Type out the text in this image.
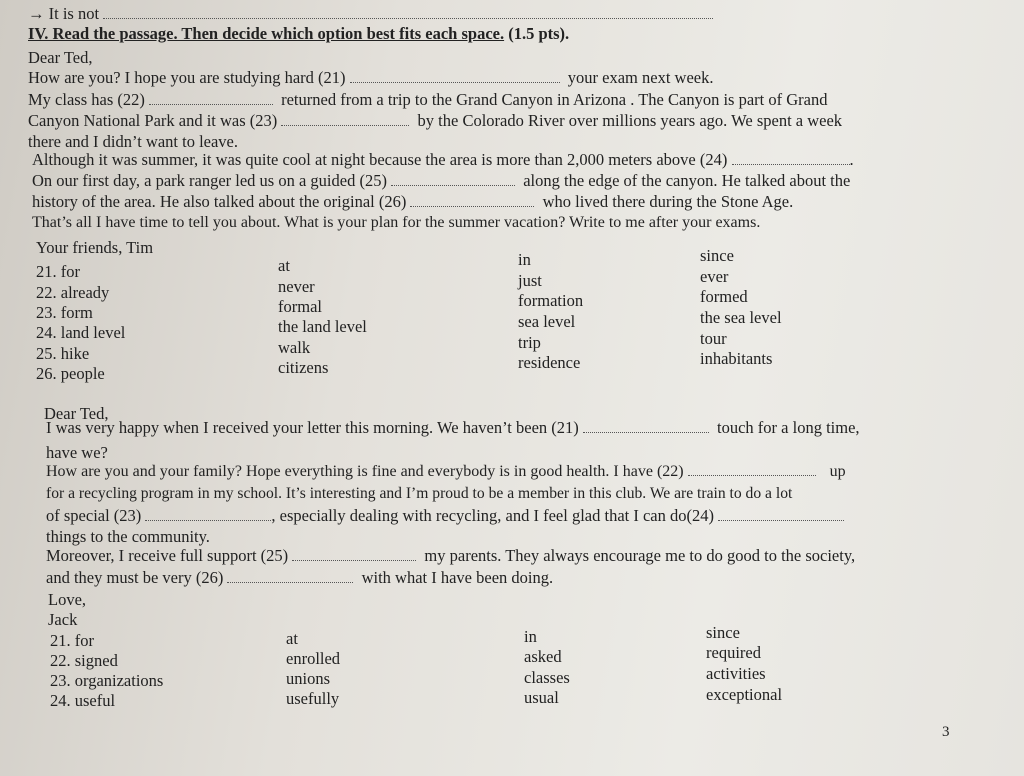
→ It is not
IV. Read the passage. Then decide which option best fits each space. (1.5 pts).
Dear Ted,
How are you? I hope you are studying hard (21)	your exam next week.
My class has (22)	returned from a trip to the Grand Canyon in Arizona . The Canyon is part of Grand
Canyon National Park and it was (23)	by the Colorado River over millions years ago. We spent a week
there and I didn’t want to leave.
Although it was summer, it was quite cool at night because the area is more than 2,000 meters above (24)	.
On our first day, a park ranger led us on a guided (25)	along the edge of the canyon. He talked about the
history of the area. He also talked about the original (26)	who lived there during the Stone Age.
That’s all I have time to tell you about. What is your plan for the summer vacation? Write to me after your exams.
Your friends, Tim
21. for	at	in	since
22. already	never	just	ever
23. form	formal	formation	formed
24. land level	the land level	sea level	the sea level
25. hike	walk	trip	tour
26. people	citizens	residence	inhabitants
Dear Ted,
I was very happy when I received your letter this morning. We haven’t been (21)	touch for a long time,
have we?
How are you and your family? Hope everything is fine and everybody is in good health. I have (22)	up
for a recycling program in my school. It’s interesting and I’m proud to be a member in this club. We are train to do a lot
of special (23)	, especially dealing with recycling, and I feel glad that I can do(24)
things to the community.
Moreover, I receive full support (25)	my parents. They always encourage me to do good to the society,
and they must be very (26)	with what I have been doing.
Love,
Jack
21. for	at	in	since
22. signed	enrolled	asked	required
23. organizations	unions	classes	activities
24. useful	usefully	usual	exceptional
3
